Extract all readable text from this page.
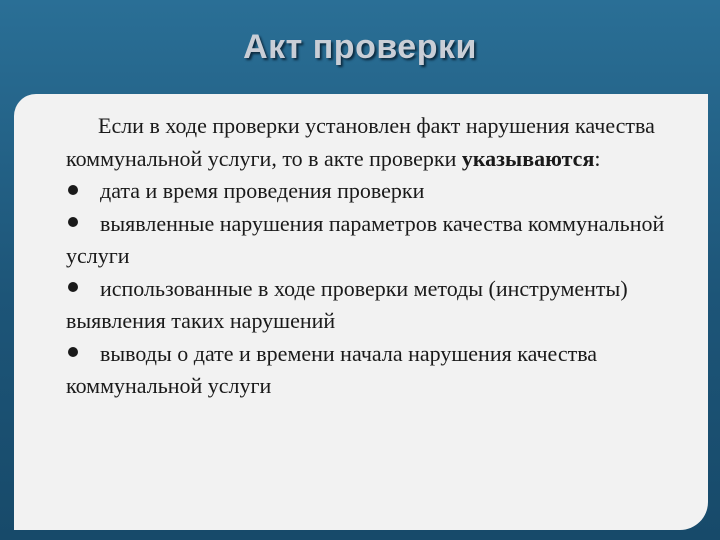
Акт проверки

Если в ходе проверки установлен факт нарушения качества коммунальной услуги, то в акте проверки указываются:

дата и время проведения проверки

выявленные нарушения параметров качества коммунальной услуги

использованные в ходе проверки методы (инструменты) выявления таких нарушений

выводы о дате и времени начала нарушения качества коммунальной услуги
